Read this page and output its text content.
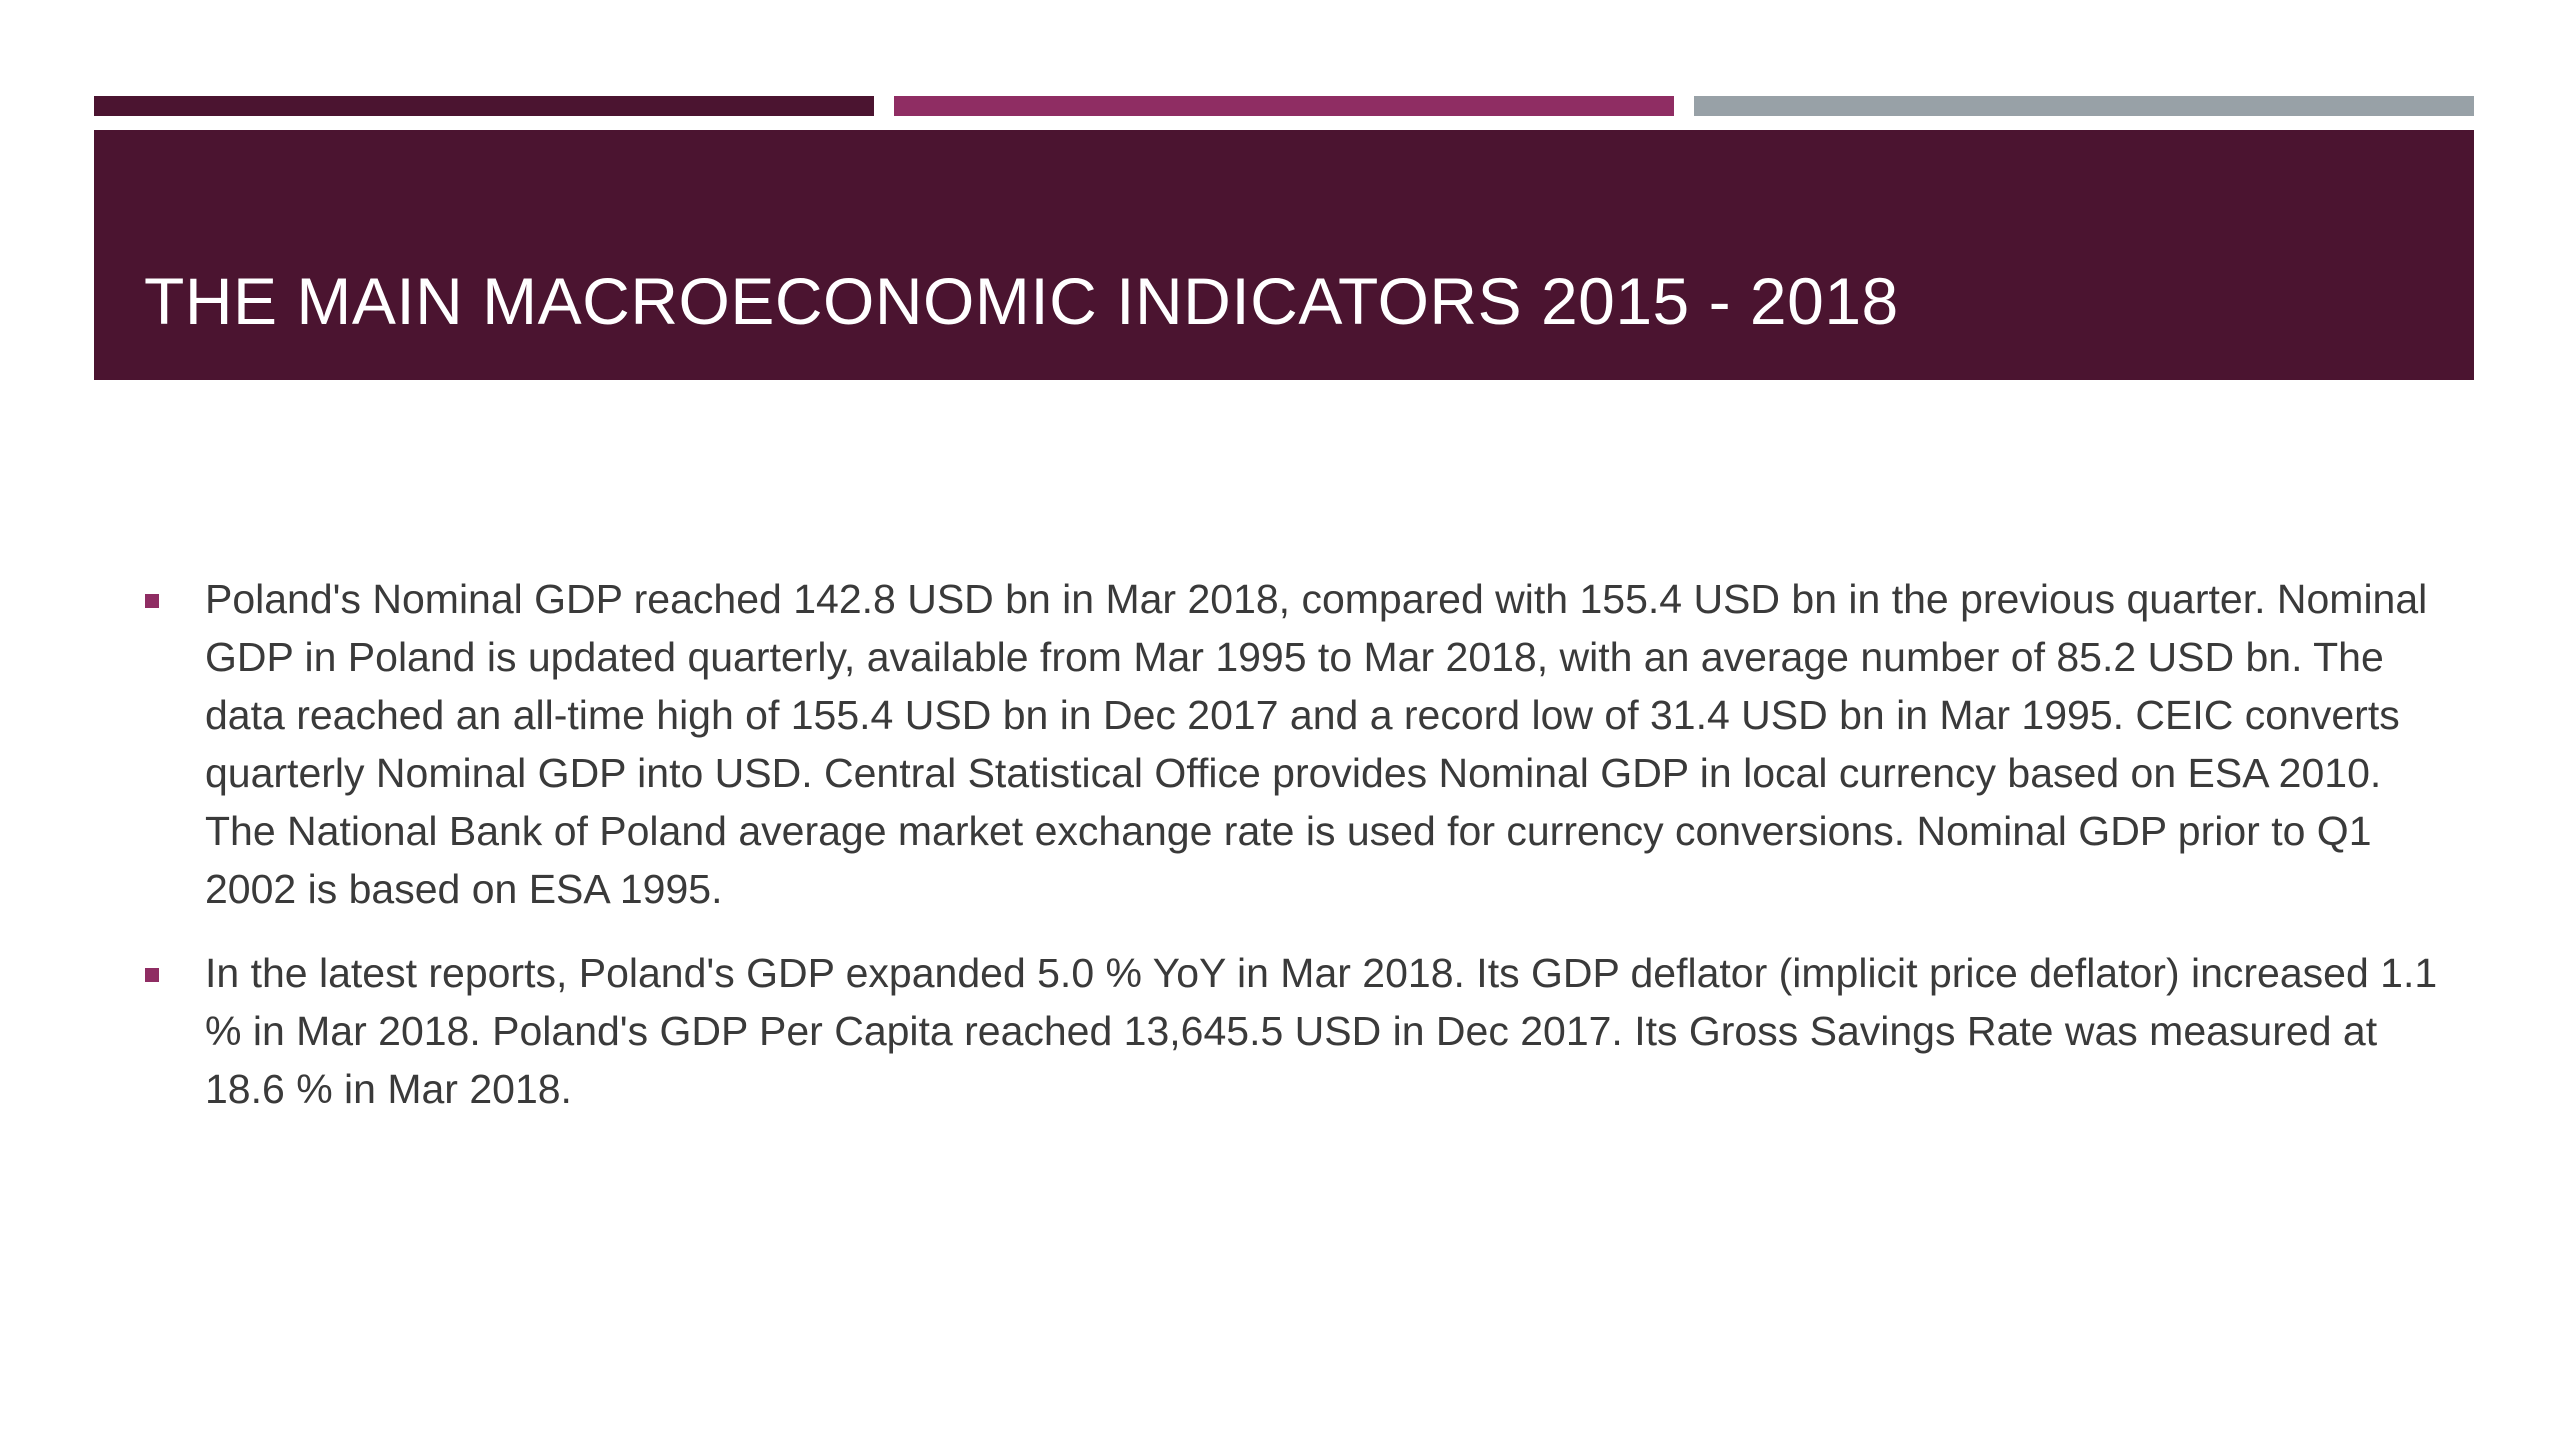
THE MAIN MACROECONOMIC INDICATORS 2015 - 2018
Poland's Nominal GDP reached 142.8 USD bn in Mar 2018, compared with 155.4 USD bn in the previous quarter. Nominal GDP in Poland is updated quarterly, available from Mar 1995 to Mar 2018, with an average number of 85.2 USD bn. The data reached an all-time high of 155.4 USD bn in Dec 2017 and a record low of 31.4 USD bn in Mar 1995. CEIC converts quarterly Nominal GDP into USD. Central Statistical Office provides Nominal GDP in local currency based on ESA 2010. The National Bank of Poland average market exchange rate is used for currency conversions. Nominal GDP prior to Q1 2002 is based on ESA 1995.
In the latest reports, Poland's GDP expanded 5.0 % YoY in Mar 2018. Its GDP deflator (implicit price deflator) increased 1.1 % in Mar 2018. Poland's GDP Per Capita reached 13,645.5 USD in Dec 2017. Its Gross Savings Rate was measured at 18.6 % in Mar 2018.
